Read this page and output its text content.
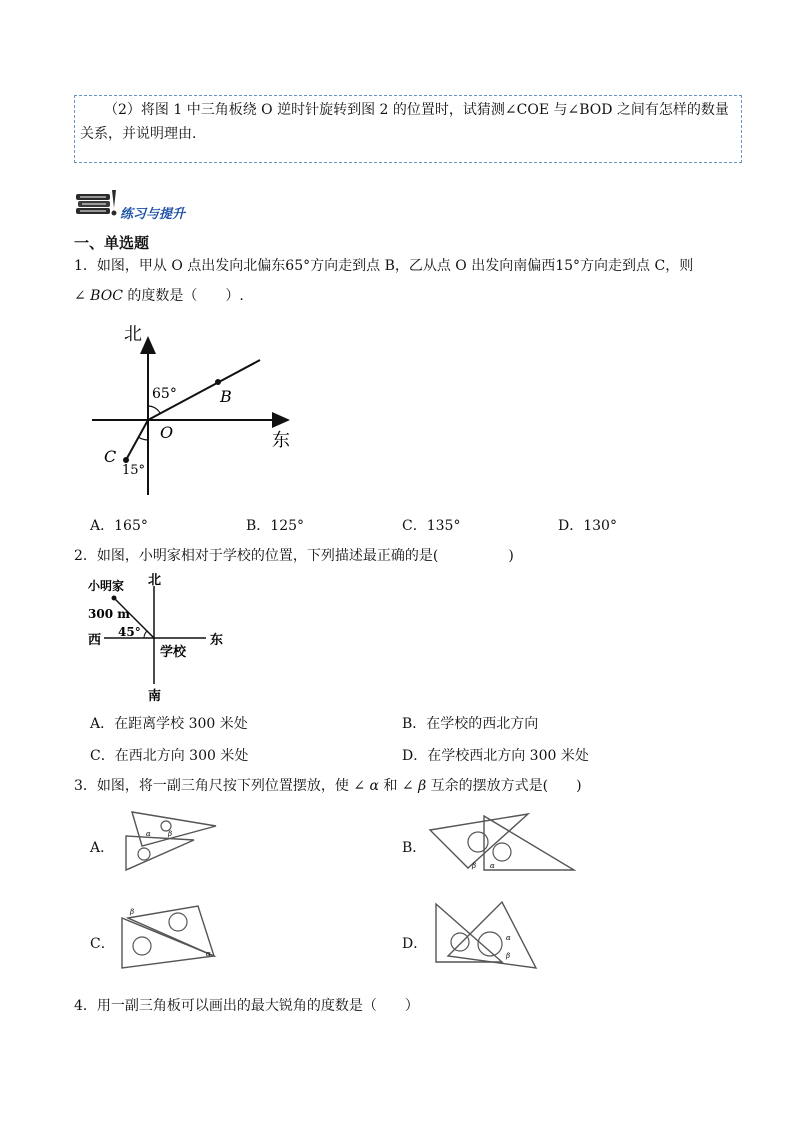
（2）将图 1 中三角板绕 O 逆时针旋转到图 2 的位置时，试猜测∠COE 与∠BOD 之间有怎样的数量关系，并说明理由.
练习与提升
一、单选题
1．如图，甲从 O 点出发向北偏东65°方向走到点 B，乙从点 O 出发向南偏西15°方向走到点 C，则
∠ BOC 的度数是（　　）.
北
东
O
B
C
65°
15°
A．165°	B．125°	C．135°	D．130°
2．如图，小明家相对于学校的位置，下列描述最正确的是(　　　　　)
小明家 北
南
西	东
学校
300 m
45°
A．在距离学校 300 米处	B．在学校的西北方向
C．在西北方向 300 米处	D．在学校西北方向 300 米处
3．如图，将一副三角尺按下列位置摆放，使 ∠ α 和 ∠ β 互余的摆放方式是(　　)
A．
α β
B．
β α
C．
β
α
D．	α
β
4．用一副三角板可以画出的最大锐角的度数是（　　）
